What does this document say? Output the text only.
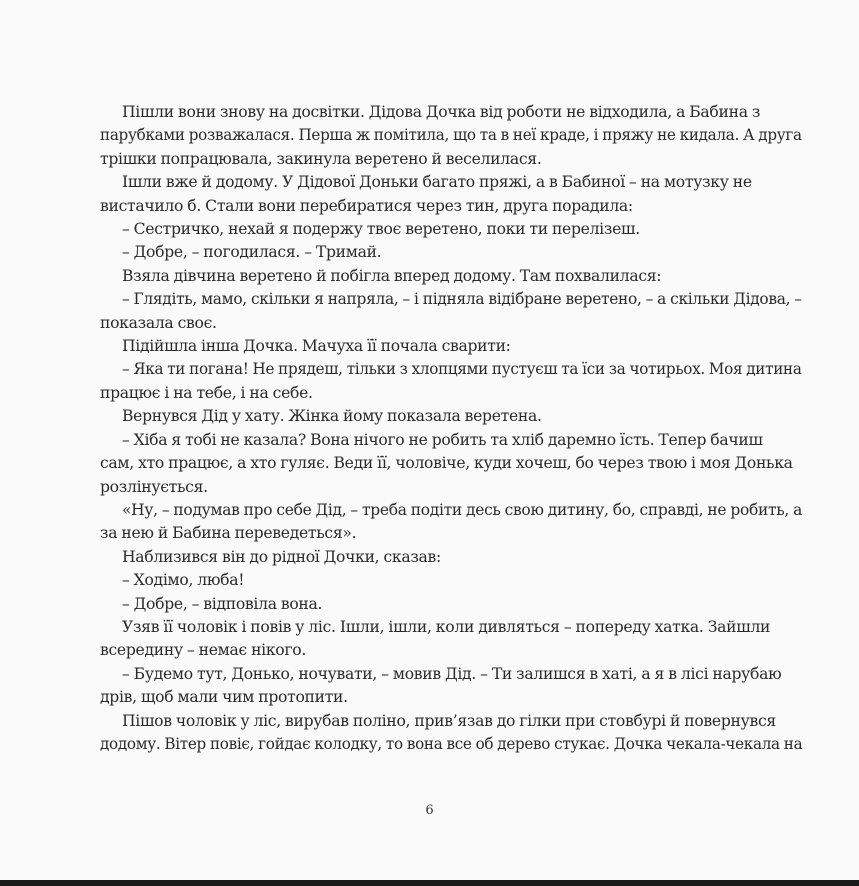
Пішли вони знову на досвітки. Дідова Дочка від роботи не відходила, а Бабина з
парубками розважалася. Перша ж помітила, що та в неї краде, і пряжу не кидала. А друга
трішки попрацювала, закинула веретено й веселилася.
Ішли вже й додому. У Дідової Доньки багато пряжі, а в Бабиної – на мотузку не
вистачило б. Стали вони перебиратися через тин, друга порадила:
– Сестричко, нехай я подержу твоє веретено, поки ти перелізеш.
– Добре, – погодилася. – Тримай.
Взяла дівчина веретено й побігла вперед додому. Там похвалилася:
– Глядіть, мамо, скільки я напряла, – і підняла відібране веретено, – а скільки Дідова, –
показала своє.
Підійшла інша Дочка. Мачуха її почала сварити:
– Яка ти погана! Не прядеш, тільки з хлопцями пустуєш та їси за чотирьох. Моя дитина
працює і на тебе, і на себе.
Вернувся Дід у хату. Жінка йому показала веретена.
– Хіба я тобі не казала? Вона нічого не робить та хліб даремно їсть. Тепер бачиш
сам, хто працює, а хто гуляє. Веди її, чоловіче, куди хочеш, бо через твою і моя Донька
розлінується.
«Ну, – подумав про себе Дід, – треба подіти десь свою дитину, бо, справді, не робить, а
за нею й Бабина переведеться».
Наблизився він до рідної Дочки, сказав:
– Ходімо, люба!
– Добре, – відповіла вона.
Узяв її чоловік і повів у ліс. Ішли, ішли, коли дивляться – попереду хатка. Зайшли
всередину – немає нікого.
– Будемо тут, Донько, ночувати, – мовив Дід. – Ти залишся в хаті, а я в лісі нарубаю
дрів, щоб мали чим протопити.
Пішов чоловік у ліс, вирубав поліно, прив’язав до гілки при стовбурі й повернувся
додому. Вітер повіє, гойдає колодку, то вона все об дерево стукає. Дочка чекала-чекала на
6
